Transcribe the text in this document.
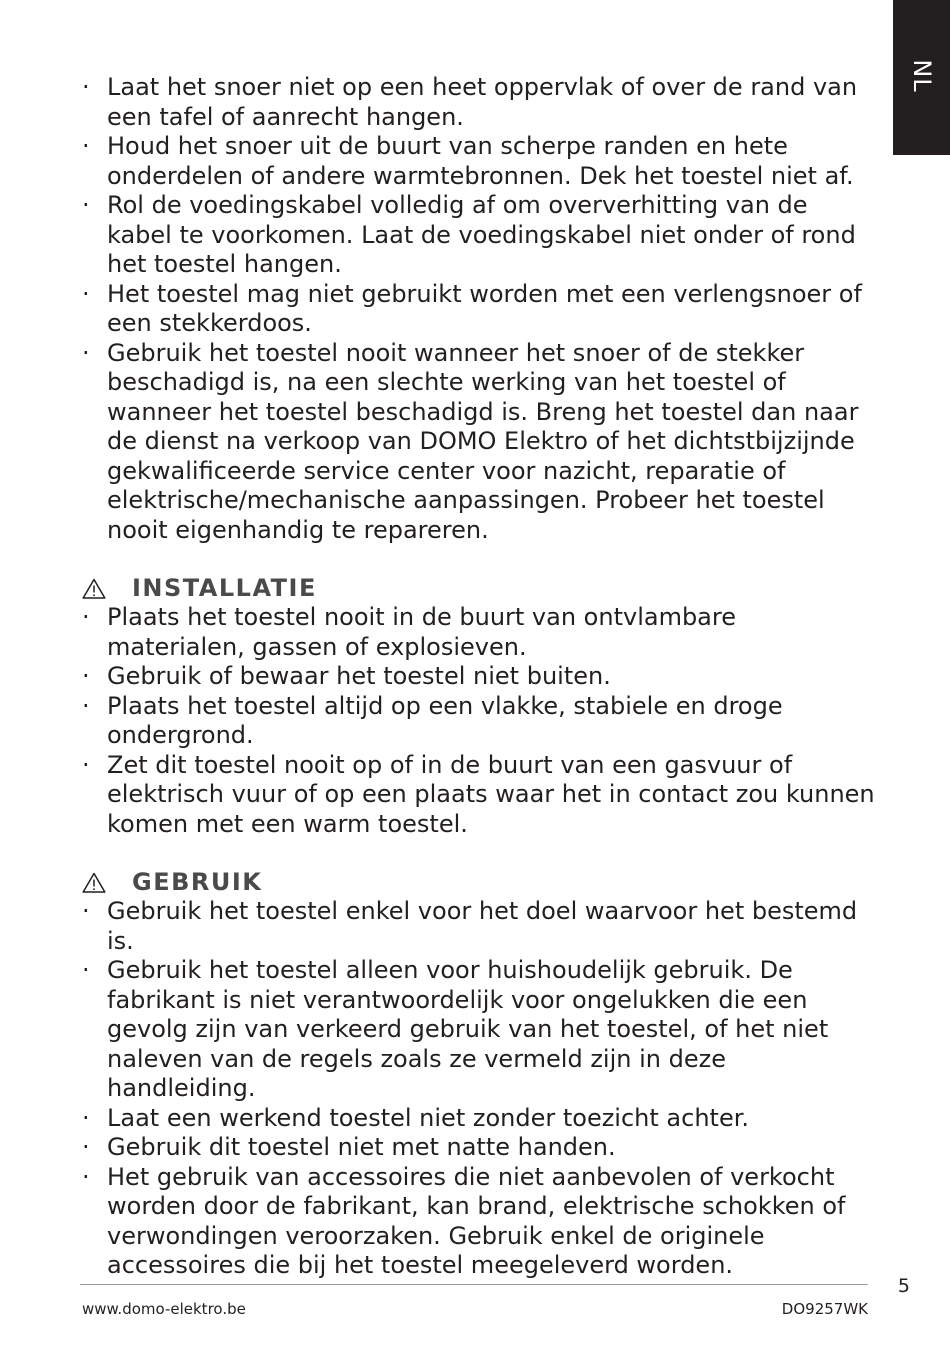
NL
· Laat het snoer niet op een heet oppervlak of over de rand van een tafel of aanrecht hangen.
· Houd het snoer uit de buurt van scherpe randen en hete onderdelen of andere warmtebronnen. Dek het toestel niet af.
· Rol de voedingskabel volledig af om oververhitting van de kabel te voorkomen. Laat de voedingskabel niet onder of rond het toestel hangen.
· Het toestel mag niet gebruikt worden met een verlengsnoer of een stekkerdoos.
· Gebruik het toestel nooit wanneer het snoer of de stekker beschadigd is, na een slechte werking van het toestel of wanneer het toestel beschadigd is. Breng het toestel dan naar de dienst na verkoop van DOMO Elektro of het dichtstbijzijnde gekwalificeerde service center voor nazicht, reparatie of elektrische/mechanische aanpassingen. Probeer het toestel nooit eigenhandig te repareren.
INSTALLATIE
· Plaats het toestel nooit in de buurt van ontvlambare materialen, gassen of explosieven.
· Gebruik of bewaar het toestel niet buiten.
· Plaats het toestel altijd op een vlakke, stabiele en droge ondergrond.
· Zet dit toestel nooit op of in de buurt van een gasvuur of elektrisch vuur of op een plaats waar het in contact zou kunnen komen met een warm toestel.
GEBRUIK
· Gebruik het toestel enkel voor het doel waarvoor het bestemd is.
· Gebruik het toestel alleen voor huishoudelijk gebruik. De fabrikant is niet verantwoordelijk voor ongelukken die een gevolg zijn van verkeerd gebruik van het toestel, of het niet naleven van de regels zoals ze vermeld zijn in deze handleiding.
· Laat een werkend toestel niet zonder toezicht achter.
· Gebruik dit toestel niet met natte handen.
· Het gebruik van accessoires die niet aanbevolen of verkocht worden door de fabrikant, kan brand, elektrische schokken of verwondingen veroorzaken. Gebruik enkel de originele accessoires die bij het toestel meegeleverd worden.
www.domo-elektro.be	DO9257WK
5
